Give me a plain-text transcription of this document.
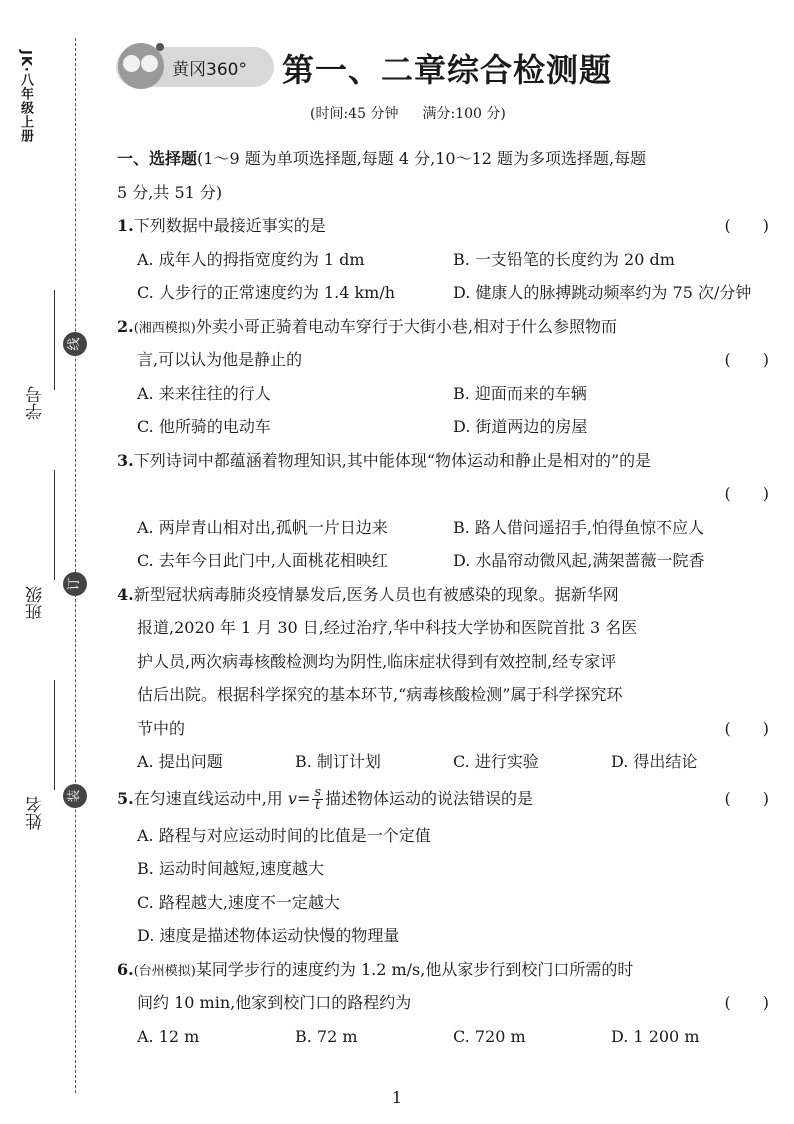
JK·八年级上册
学号
班级
姓名
线
订
装
黄冈360° 第一、二章综合检测题
(时间:45 分钟 满分:100 分)
一、选择题(1～9 题为单项选择题,每题 4 分,10～12 题为多项选择题,每题
5 分,共 51 分)
1.下列数据中最接近事实的是	(　　)
A. 成年人的拇指宽度约为 1 dm	B. 一支铅笔的长度约为 20 dm
C. 人步行的正常速度约为 1.4 km/h	D. 健康人的脉搏跳动频率约为 75 次/分钟
2.(湘西模拟)外卖小哥正骑着电动车穿行于大街小巷,相对于什么参照物而
言,可以认为他是静止的	(　　)
A. 来来往往的行人	B. 迎面而来的车辆
C. 他所骑的电动车	D. 街道两边的房屋
3.下列诗词中都蕴涵着物理知识,其中能体现“物体运动和静止是相对的”的是
(　　)
A. 两岸青山相对出,孤帆一片日边来	B. 路人借问遥招手,怕得鱼惊不应人
C. 去年今日此门中,人面桃花相映红	D. 水晶帘动微风起,满架蔷薇一院香
4.新型冠状病毒肺炎疫情暴发后,医务人员也有被感染的现象。据新华网
报道,2020 年 1 月 30 日,经过治疗,华中科技大学协和医院首批 3 名医
护人员,两次病毒核酸检测均为阴性,临床症状得到有效控制,经专家评
估后出院。根据科学探究的基本环节,“病毒核酸检测”属于科学探究环
节中的	(　　)
A. 提出问题	B. 制订计划	C. 进行实验	D. 得出结论
5.在匀速直线运动中,用 $v= \frac{s}{t}$ 描述物体运动的说法错误的是	(　　)
A. 路程与对应运动时间的比值是一个定值
B. 运动时间越短,速度越大
C. 路程越大,速度不一定越大
D. 速度是描述物体运动快慢的物理量
6.(台州模拟)某同学步行的速度约为 1.2 m/s,他从家步行到校门口所需的时
间约 10 min,他家到校门口的路程约为	(　　)
A. 12 m	B. 72 m	C. 720 m	D. 1 200 m
1
